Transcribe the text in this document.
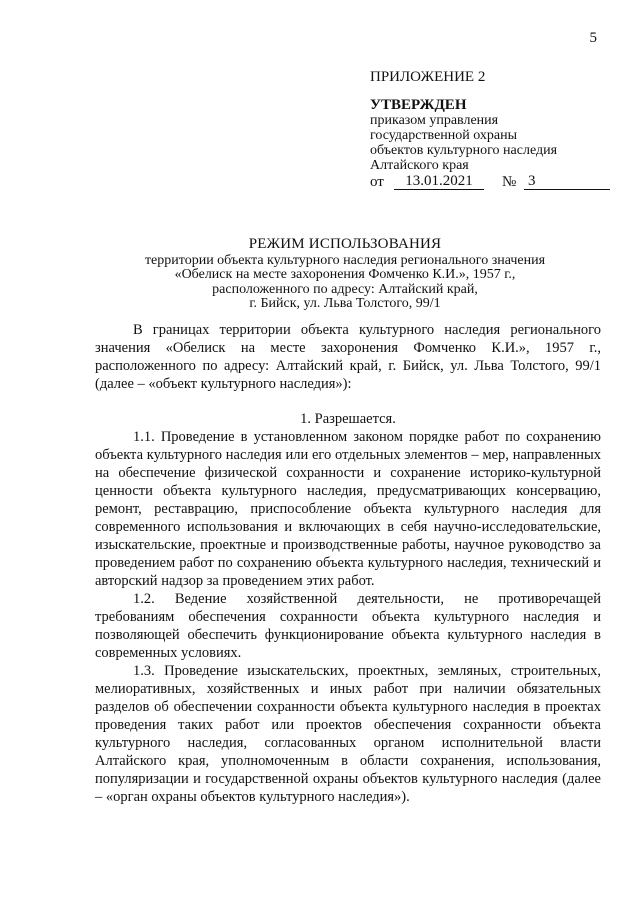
5
ПРИЛОЖЕНИЕ 2
УТВЕРЖДЕН
приказом управления
государственной охраны
объектов культурного наследия
Алтайского края
от	13.01.2021	№ 3
РЕЖИМ ИСПОЛЬЗОВАНИЯ
территории объекта культурного наследия регионального значения
«Обелиск на месте захоронения Фомченко К.И.», 1957 г.,
расположенного по адресу: Алтайский край,
г. Бийск, ул. Льва Толстого, 99/1

В границах территории объекта культурного наследия регионального значения «Обелиск на месте захоронения Фомченко К.И.», 1957 г., расположенного по адресу: Алтайский край, г. Бийск, ул. Льва Толстого, 99/1 (далее – «объект культурного наследия»):

1. Разрешается.

1.1. Проведение в установленном законом порядке работ по сохранению объекта культурного наследия или его отдельных элементов – мер, направленных на обеспечение физической сохранности и сохранение историко-культурной ценности объекта культурного наследия, предусматривающих консервацию, ремонт, реставрацию, приспособление объекта культурного наследия для современного использования и включающих в себя научно-исследовательские, изыскательские, проектные и производственные работы, научное руководство за проведением работ по сохранению объекта культурного наследия, технический и авторский надзор за проведением этих работ.

1.2. Ведение хозяйственной деятельности, не противоречащей требованиям обеспечения сохранности объекта культурного наследия и позволяющей обеспечить функционирование объекта культурного наследия в современных условиях.

1.3. Проведение изыскательских, проектных, земляных, строительных, мелиоративных, хозяйственных и иных работ при наличии обязательных разделов об обеспечении сохранности объекта культурного наследия в проектах проведения таких работ или проектов обеспечения сохранности объекта культурного наследия, согласованных органом исполнительной власти Алтайского края, уполномоченным в области сохранения, использования, популяризации и государственной охраны объектов культурного наследия (далее – «орган охраны объектов культурного наследия»).
